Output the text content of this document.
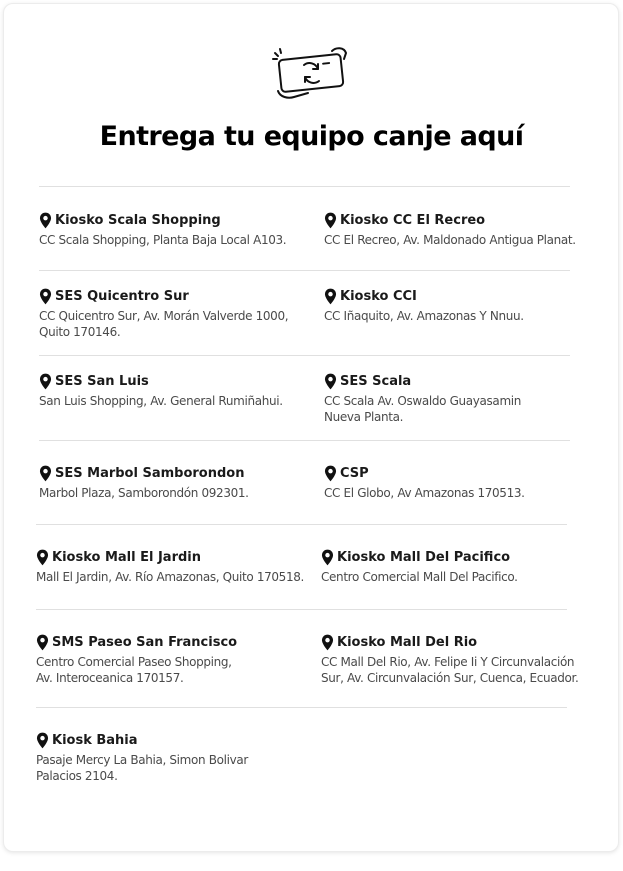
Entrega tu equipo canje aquí
Kiosko Scala Shopping
CC Scala Shopping, Planta Baja Local A103.
Kiosko CC El Recreo
CC El Recreo, Av. Maldonado Antigua Planat.
SES Quicentro Sur
CC Quicentro Sur, Av. Morán Valverde 1000,
Quito 170146.
Kiosko CCI
CC Iñaquito, Av. Amazonas Y Nnuu.
SES San Luis
San Luis Shopping, Av. General Rumiñahui.
SES Scala
CC Scala Av. Oswaldo Guayasamin
Nueva Planta.
SES Marbol Samborondon
Marbol Plaza, Samborondón 092301.
CSP
CC El Globo, Av Amazonas 170513.
Kiosko Mall El Jardin
Mall El Jardin, Av. Río Amazonas, Quito 170518.
Kiosko Mall Del Pacifico
Centro Comercial Mall Del Pacifico.
SMS Paseo San Francisco
Centro Comercial Paseo Shopping,
Av. Interoceanica 170157.
Kiosko Mall Del Rio
CC Mall Del Rio, Av. Felipe Ii Y Circunvalación
Sur, Av. Circunvalación Sur, Cuenca, Ecuador.
Kiosk Bahia
Pasaje Mercy La Bahia, Simon Bolivar
Palacios 2104.
